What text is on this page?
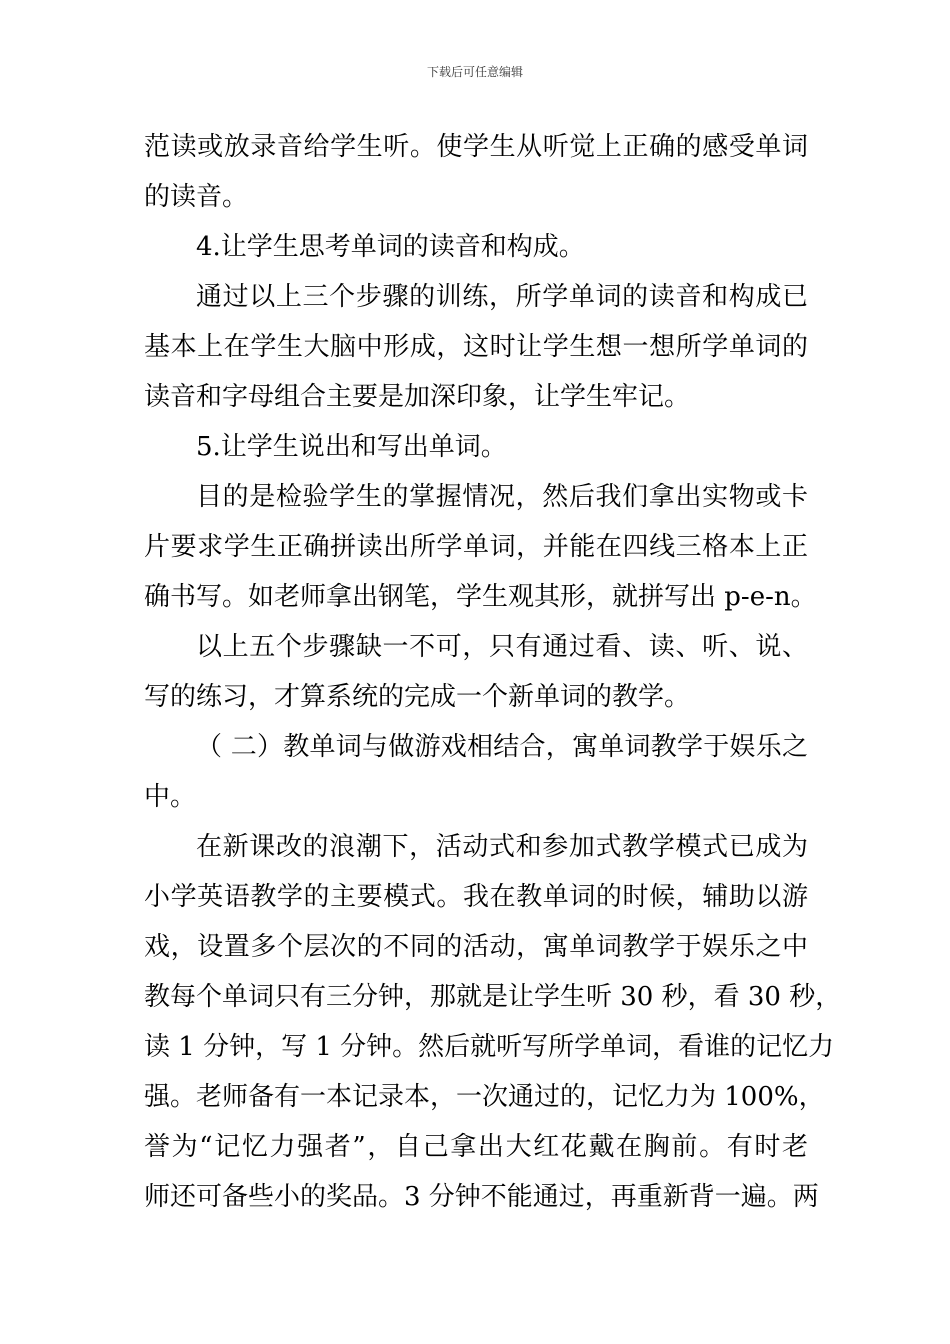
下载后可任意编辑
范读或放录音给学生听。使学生从听觉上正确的感受单词
的读音。
4.让学生思考单词的读音和构成。
通过以上三个步骤的训练，所学单词的读音和构成已
基本上在学生大脑中形成，这时让学生想一想所学单词的
读音和字母组合主要是加深印象，让学生牢记。
5.让学生说出和写出单词。
目的是检验学生的掌握情况，然后我们拿出实物或卡
片要求学生正确拼读出所学单词，并能在四线三格本上正
确书写。如老师拿出钢笔，学生观其形，就拼写出 p-e-n。
以上五个步骤缺一不可，只有通过看、读、听、说、
写的练习，才算系统的完成一个新单词的教学。
（ 二）教单词与做游戏相结合，寓单词教学于娱乐之
中。
在新课改的浪潮下，活动式和参加式教学模式已成为
小学英语教学的主要模式。我在教单词的时候，辅助以游
戏，设置多个层次的不同的活动，寓单词教学于娱乐之中
教每个单词只有三分钟，那就是让学生听 30 秒，看 30 秒，
读 1 分钟，写 1 分钟。然后就听写所学单词，看谁的记忆力
强。老师备有一本记录本，一次通过的，记忆力为 100%，
誉为“记忆力强者”，自己拿出大红花戴在胸前。有时老
师还可备些小的奖品。3 分钟不能通过，再重新背一遍。两
